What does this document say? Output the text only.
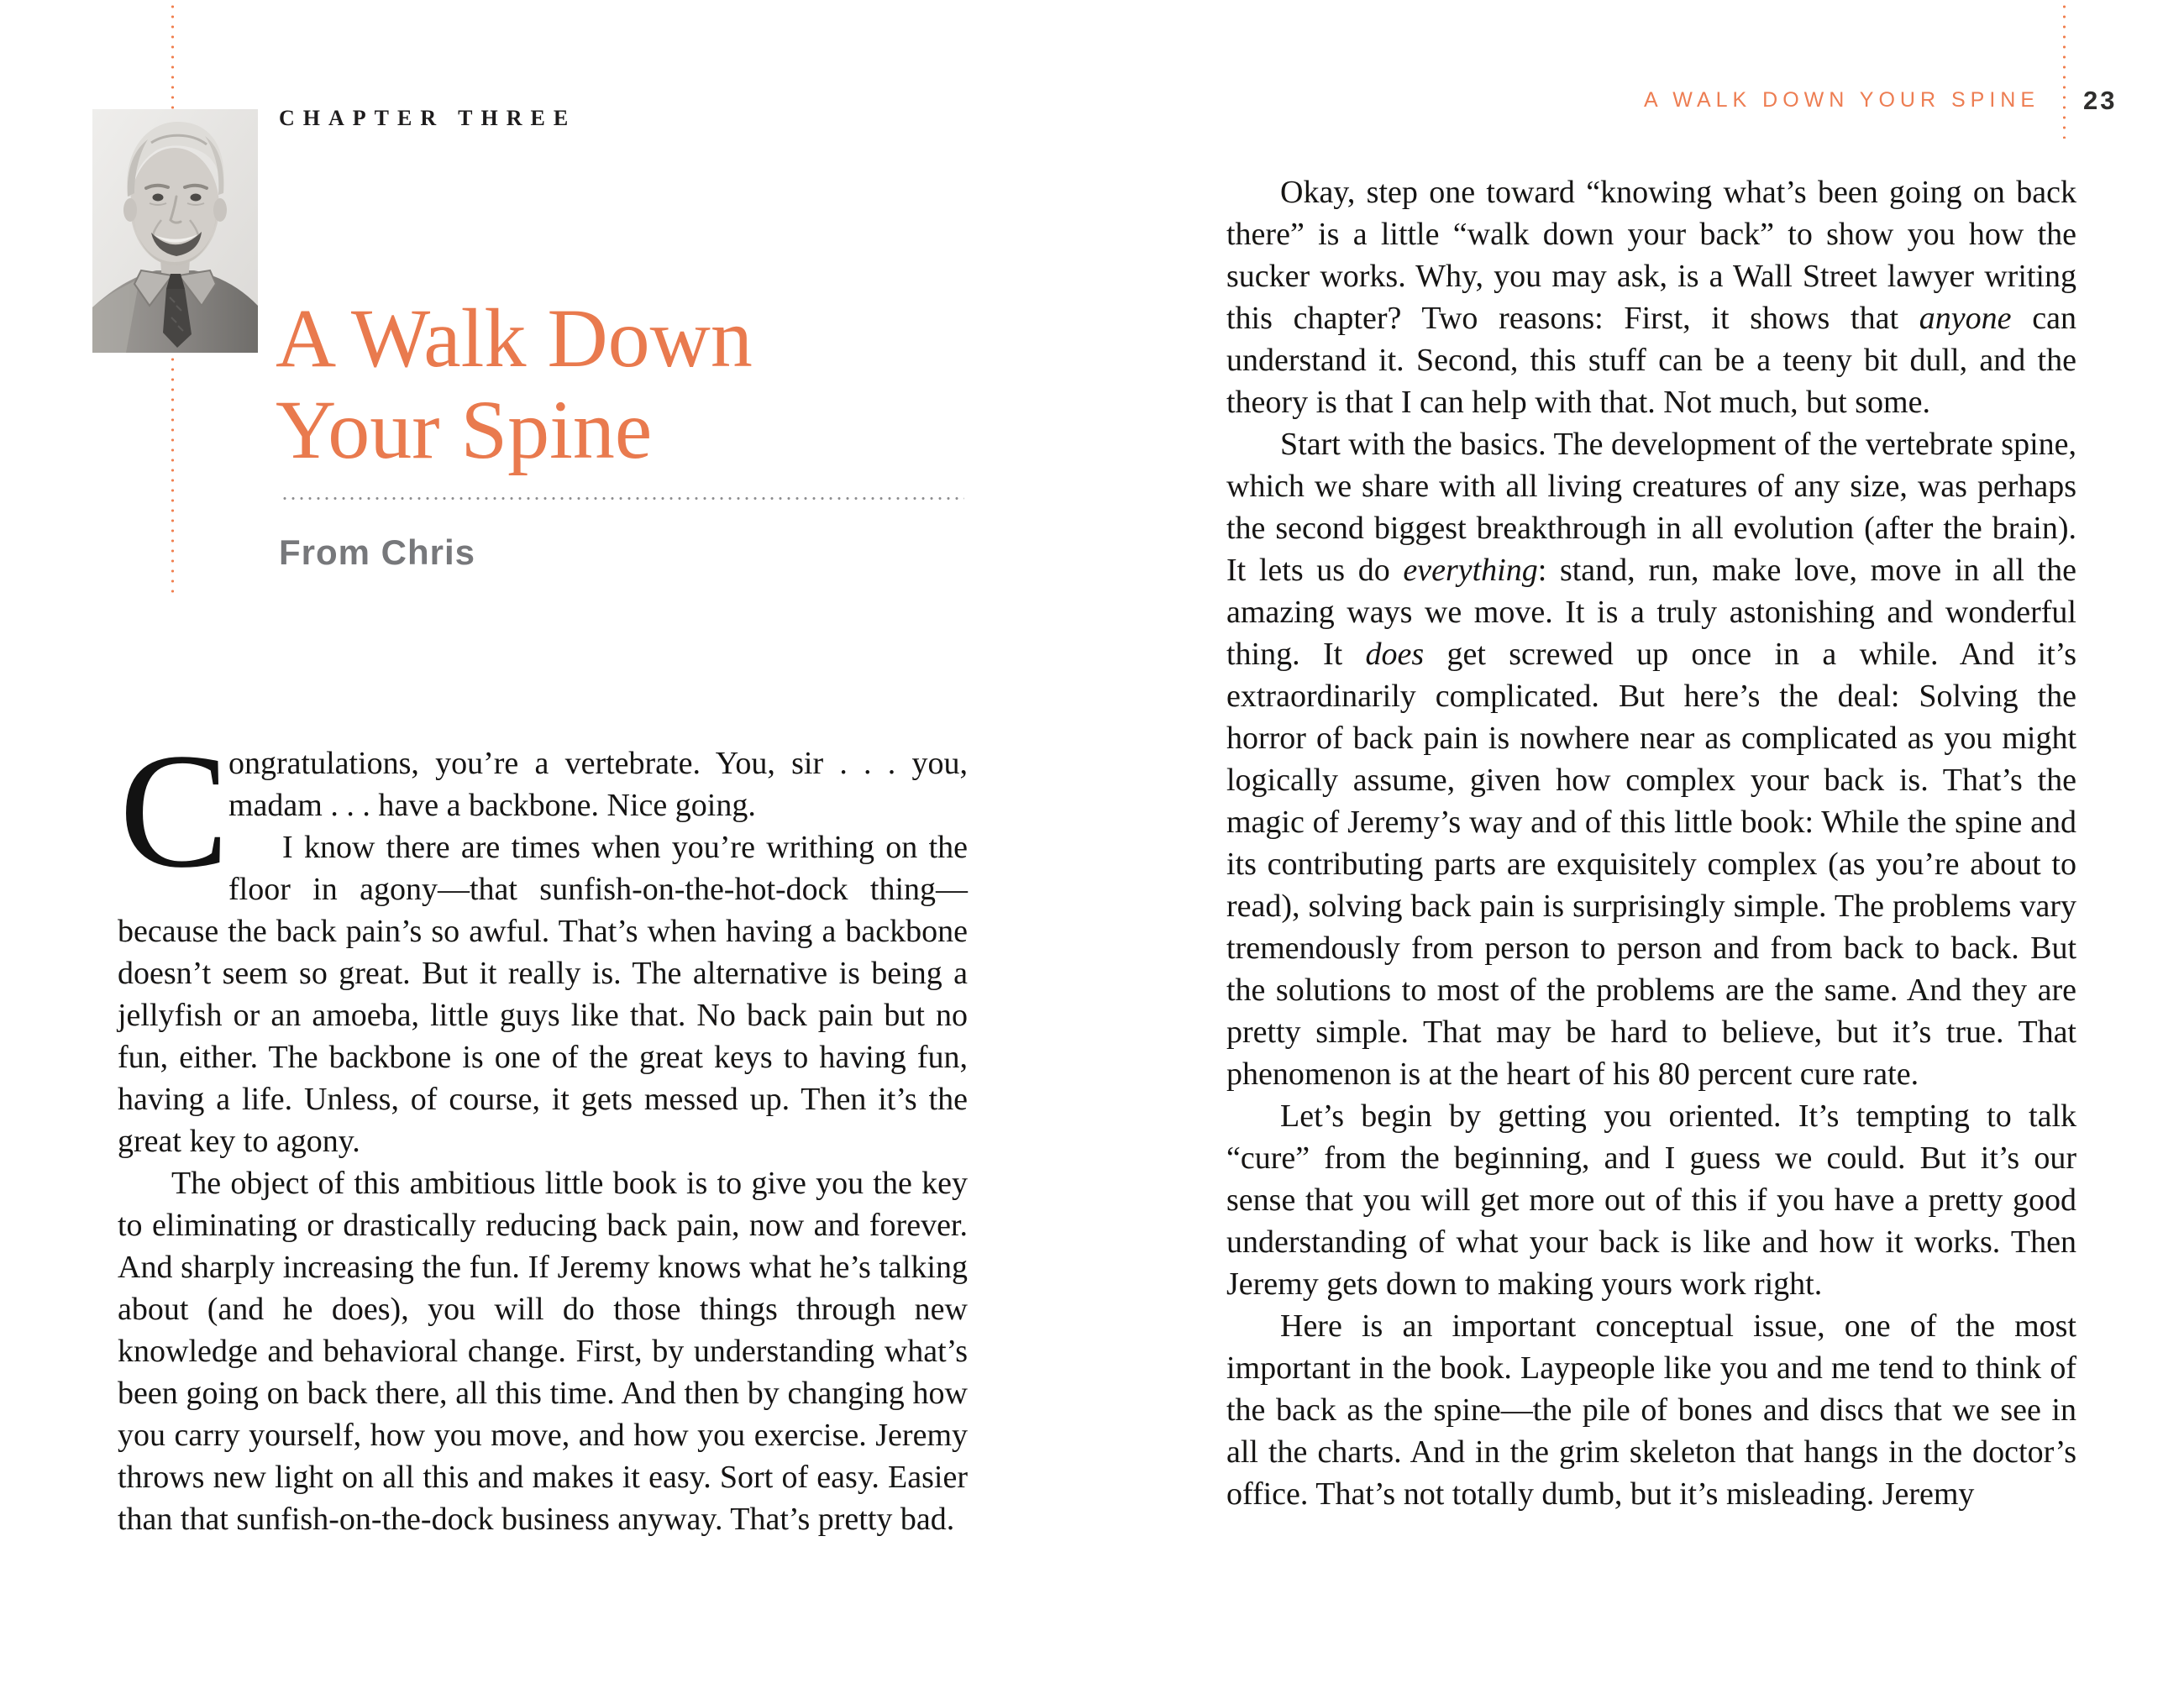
CHAPTER THREE
A Walk Down
Your Spine
From Chris

C ongratulations, you’re a vertebrate. You, sir . . . you, madam . . . have a backbone. Nice going.

I know there are times when you’re writhing on the floor in agony—that sunfish-on-the-hot-dock thing—because the back pain’s so awful. That’s when having a backbone doesn’t seem so great. But it really is. The alternative is being a jellyfish or an amoeba, little guys like that. No back pain but no fun, either. The backbone is one of the great keys to having fun, having a life. Unless, of course, it gets messed up. Then it’s the great key to agony.

The object of this ambitious little book is to give you the key to eliminating or drastically reducing back pain, now and forever. And sharply increasing the fun. If Jeremy knows what he’s talking about (and he does), you will do those things through new knowledge and behavioral change. First, by understanding what’s been going on back there, all this time. And then by changing how you carry yourself, how you move, and how you exercise. Jeremy throws new light on all this and makes it easy. Sort of easy. Easier than that sunfish-on-the-dock business anyway. That’s pretty bad.

A WALK DOWN YOUR SPINE 23

Okay, step one toward “knowing what’s been going on back there” is a little “walk down your back” to show you how the sucker works. Why, you may ask, is a Wall Street lawyer writing this chapter? Two reasons: First, it shows that anyone can understand it. Second, this stuff can be a teeny bit dull, and the theory is that I can help with that. Not much, but some.

Start with the basics. The development of the vertebrate spine, which we share with all living creatures of any size, was perhaps the second biggest breakthrough in all evolution (after the brain). It lets us do everything: stand, run, make love, move in all the amazing ways we move. It is a truly astonishing and wonderful thing. It does get screwed up once in a while. And it’s extraordinarily complicated. But here’s the deal: Solving the horror of back pain is nowhere near as complicated as you might logically assume, given how complex your back is. That’s the magic of Jeremy’s way and of this little book: While the spine and its contributing parts are exquisitely complex (as you’re about to read), solving back pain is surprisingly simple. The problems vary tremendously from person to person and from back to back. But the solutions to most of the problems are the same. And they are pretty simple. That may be hard to believe, but it’s true. That phenomenon is at the heart of his 80 percent cure rate.

Let’s begin by getting you oriented. It’s tempting to talk “cure” from the beginning, and I guess we could. But it’s our sense that you will get more out of this if you have a pretty good understanding of what your back is like and how it works. Then Jeremy gets down to making yours work right.

Here is an important conceptual issue, one of the most important in the book. Laypeople like you and me tend to think of the back as the spine—the pile of bones and discs that we see in all the charts. And in the grim skeleton that hangs in the doctor’s office. That’s not totally dumb, but it’s misleading. Jeremy
